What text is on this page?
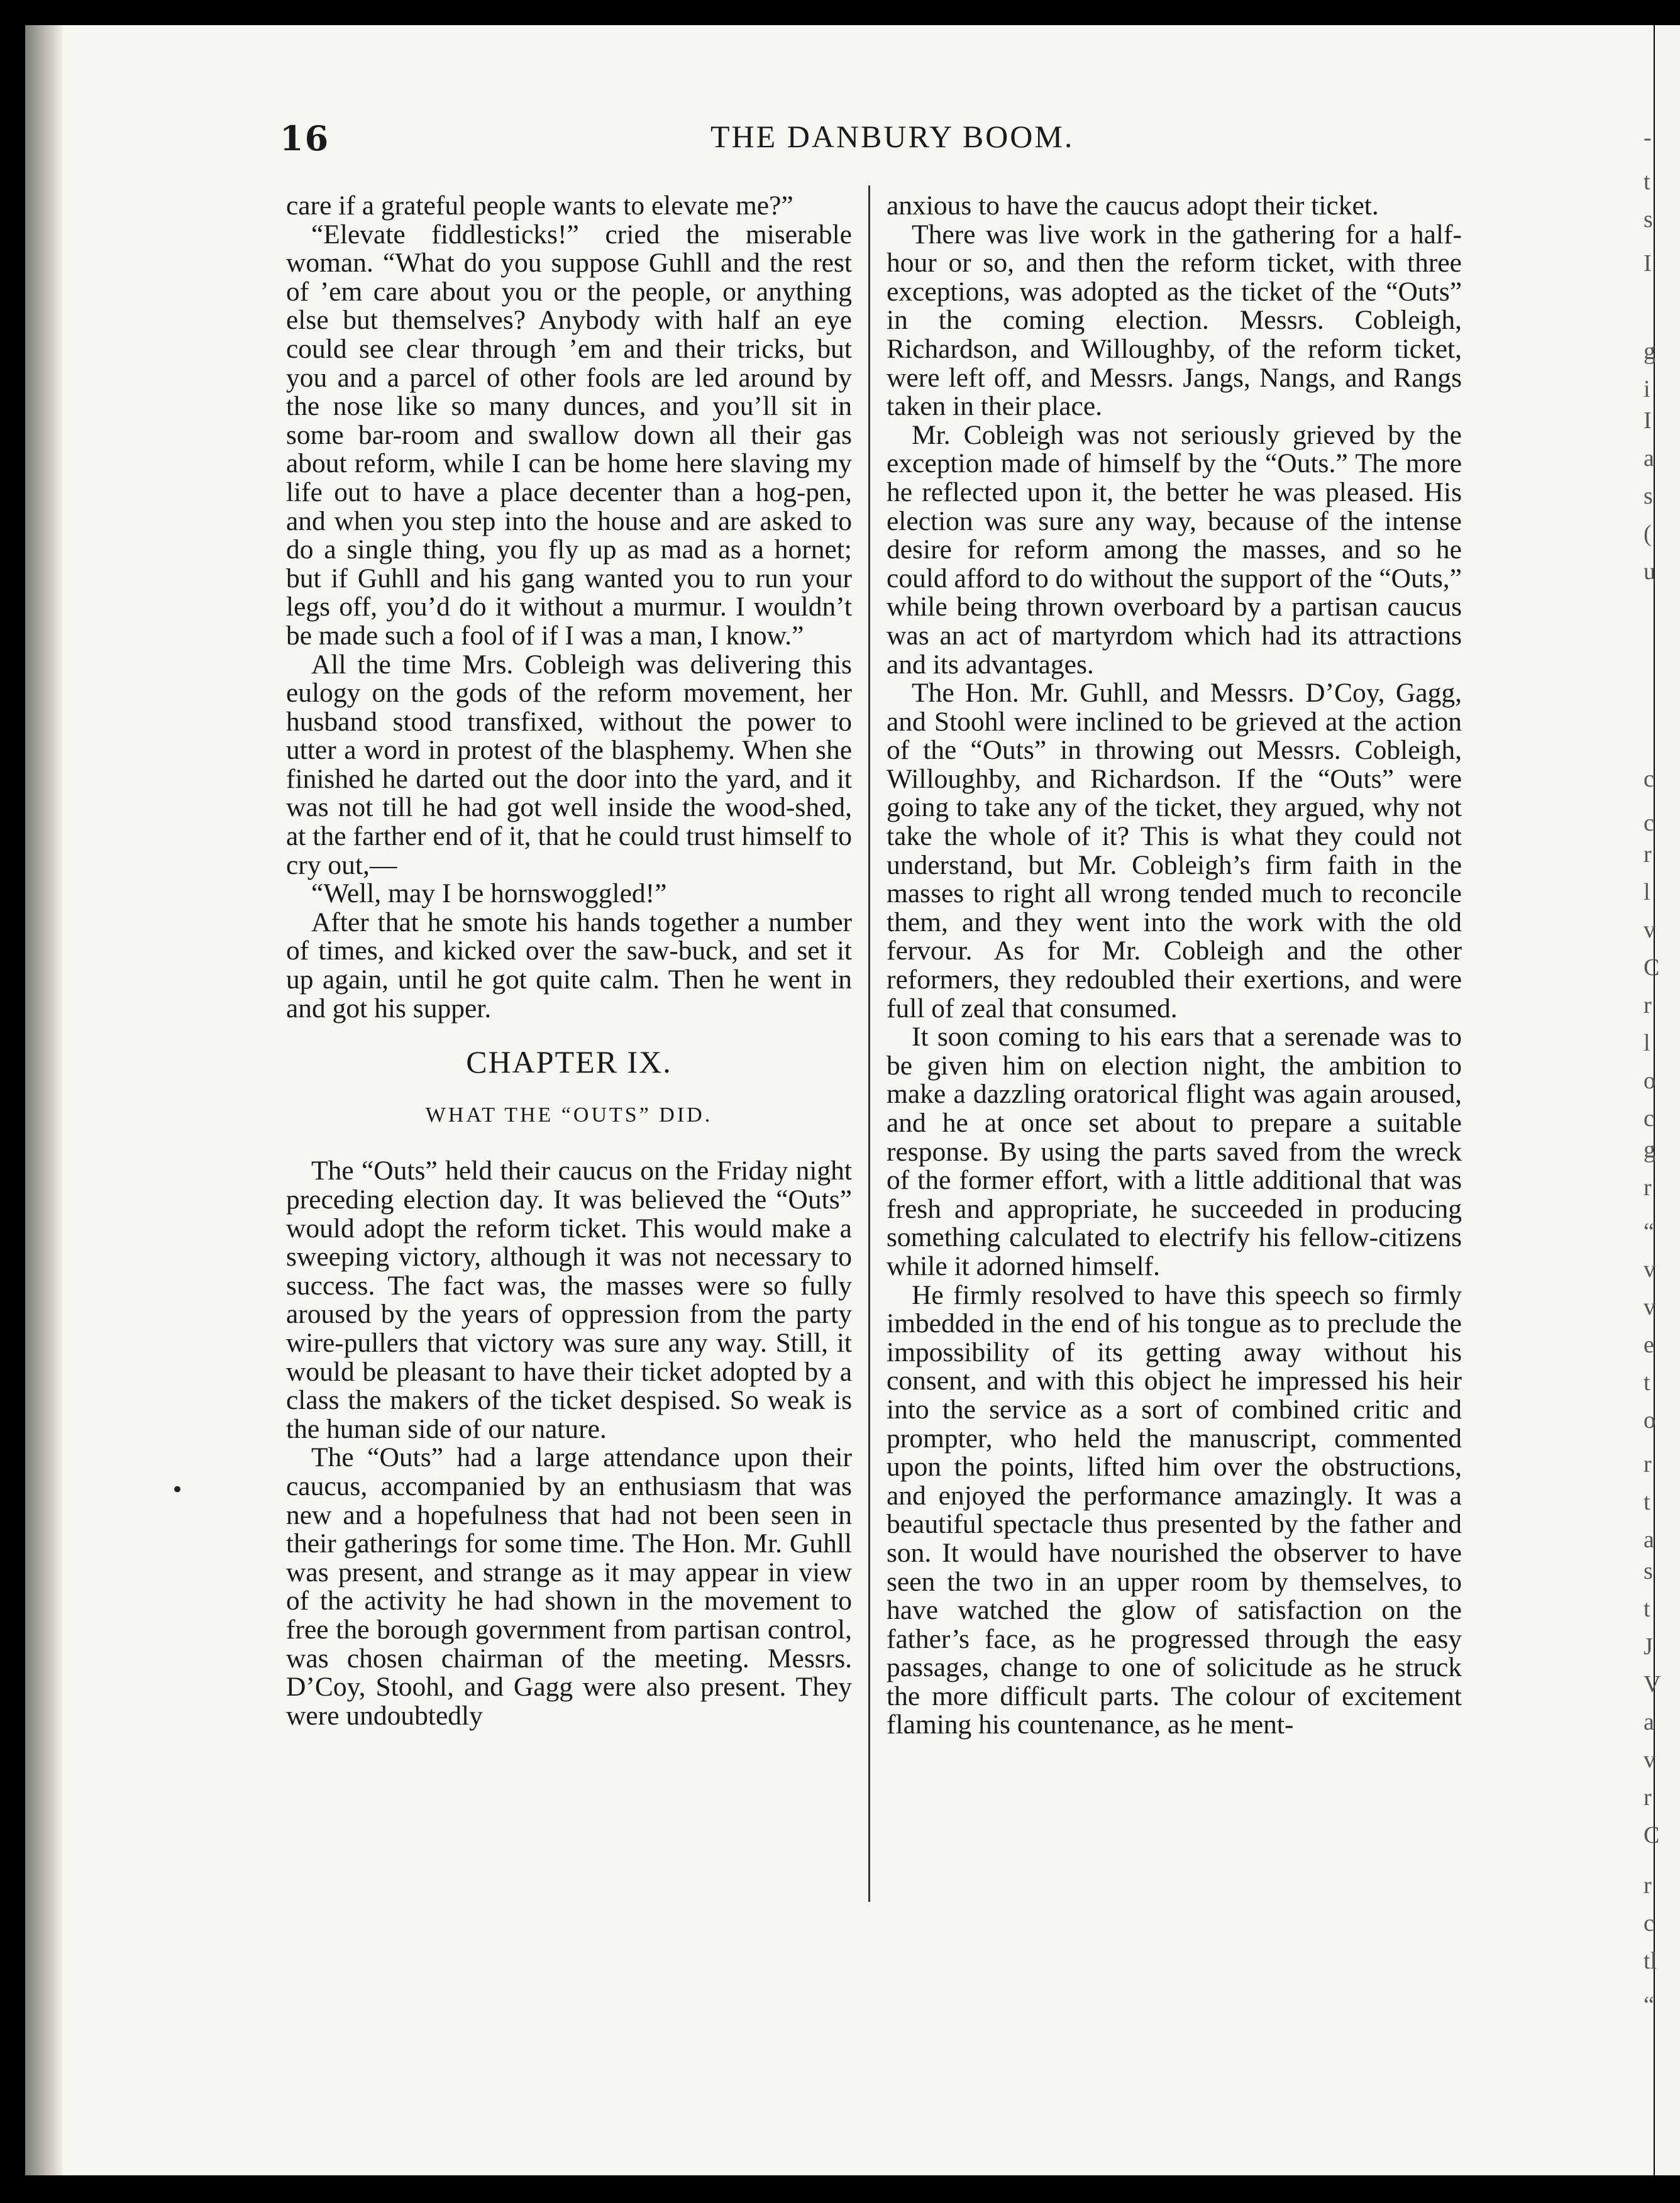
16	THE DANBURY BOOM.

care if a grateful people wants to elevate me?”

“Elevate fiddlesticks!” cried the miserable woman. “What do you suppose Guhll and the rest of ’em care about you or the people, or anything else but themselves? Anybody with half an eye could see clear through ’em and their tricks, but you and a parcel of other fools are led around by the nose like so many dunces, and you’ll sit in some bar-room and swallow down all their gas about reform, while I can be home here slaving my life out to have a place decenter than a hog-pen, and when you step into the house and are asked to do a single thing, you fly up as mad as a hornet; but if Guhll and his gang wanted you to run your legs off, you’d do it without a murmur. I wouldn’t be made such a fool of if I was a man, I know.”

All the time Mrs. Cobleigh was delivering this eulogy on the gods of the reform movement, her husband stood transfixed, without the power to utter a word in protest of the blasphemy. When she finished he darted out the door into the yard, and it was not till he had got well inside the wood-shed, at the farther end of it, that he could trust himself to cry out,—

“Well, may I be hornswoggled!”

After that he smote his hands together a number of times, and kicked over the saw-buck, and set it up again, until he got quite calm. Then he went in and got his supper.

CHAPTER IX.
WHAT THE “OUTS” DID.

The “Outs” held their caucus on the Friday night preceding election day. It was believed the “Outs” would adopt the reform ticket. This would make a sweeping victory, although it was not necessary to success. The fact was, the masses were so fully aroused by the years of oppression from the party wire-pullers that victory was sure any way. Still, it would be pleasant to have their ticket adopted by a class the makers of the ticket despised. So weak is the human side of our nature.

The “Outs” had a large attendance upon their caucus, accompanied by an enthusiasm that was new and a hopefulness that had not been seen in their gatherings for some time. The Hon. Mr. Guhll was present, and strange as it may appear in view of the activity he had shown in the movement to free the borough government from partisan control, was chosen chairman of the meeting. Messrs. D’Coy, Stoohl, and Gagg were also present. They were undoubtedly

anxious to have the caucus adopt their ticket.

There was live work in the gathering for a half-hour or so, and then the reform ticket, with three exceptions, was adopted as the ticket of the “Outs” in the coming election. Messrs. Cobleigh, Richardson, and Willoughby, of the reform ticket, were left off, and Messrs. Jangs, Nangs, and Rangs taken in their place.

Mr. Cobleigh was not seriously grieved by the exception made of himself by the “Outs.” The more he reflected upon it, the better he was pleased. His election was sure any way, because of the intense desire for reform among the masses, and so he could afford to do without the support of the “Outs,” while being thrown overboard by a partisan caucus was an act of martyrdom which had its attractions and its advantages.

The Hon. Mr. Guhll, and Messrs. D’Coy, Gagg, and Stoohl were inclined to be grieved at the action of the “Outs” in throwing out Messrs. Cobleigh, Willoughby, and Richardson. If the “Outs” were going to take any of the ticket, they argued, why not take the whole of it? This is what they could not understand, but Mr. Cobleigh’s firm faith in the masses to right all wrong tended much to reconcile them, and they went into the work with the old fervour. As for Mr. Cobleigh and the other reformers, they redoubled their exertions, and were full of zeal that consumed.

It soon coming to his ears that a serenade was to be given him on election night, the ambition to make a dazzling oratorical flight was again aroused, and he at once set about to prepare a suitable response. By using the parts saved from the wreck of the former effort, with a little additional that was fresh and appropriate, he succeeded in producing something calculated to electrify his fellow-citizens while it adorned himself.

He firmly resolved to have this speech so firmly imbedded in the end of his tongue as to preclude the impossibility of its getting away without his consent, and with this object he impressed his heir into the service as a sort of combined critic and prompter, who held the manuscript, commented upon the points, lifted him over the obstructions, and enjoyed the performance amazingly. It was a beautiful spectacle thus presented by the father and son. It would have nourished the observer to have seen the two in an upper room by themselves, to have watched the glow of satisfaction on the father’s face, as he progressed through the easy passages, change to one of solicitude as he struck the more difficult parts. The colour of excitement flaming his countenance, as he ment-

•
-
t
s
I
g
i
I
a
s
(
u
c
c
r
l
v
C
r
l
o
c
g
r
“
v
v
e
t
o
r
t
a
s
t
J
V
a
v
r
C
r
c
tl
“
